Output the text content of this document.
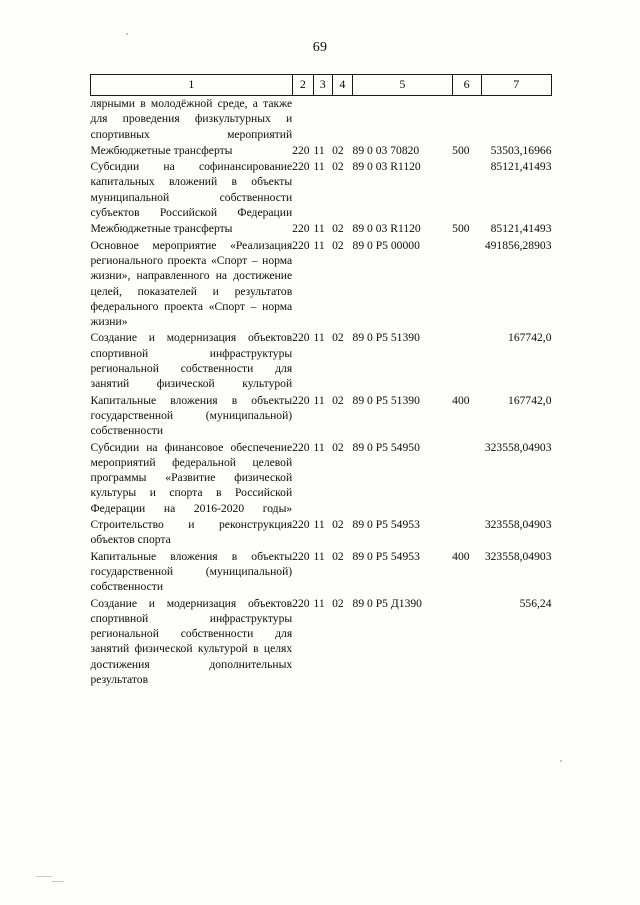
69
1	2	3	4	5	6	7
лярными в молодёжной среде, а также для проведения физкультурных и спортивных мероприятий						
Межбюджетные трансферты	220	11	02	89 0 03 70820	500	53503,16966
Субсидии на софинансирование капитальных вложений в объекты муниципальной собственности субъектов Российской Федерации	220	11	02	89 0 03 R1120		85121,41493
Межбюджетные трансферты	220	11	02	89 0 03 R1120	500	85121,41493
Основное мероприятие «Реализация регионального проекта «Спорт – норма жизни», направленного на достижение целей, показателей и результатов федерального проекта «Спорт – норма жизни»	220	11	02	89 0 P5 00000		491856,28903
Создание и модернизация объектов спортивной инфраструктуры региональной собственности для занятий физической культурой	220	11	02	89 0 P5 51390		167742,0
Капитальные вложения в объекты государственной (муниципальной) собственности	220	11	02	89 0 P5 51390	400	167742,0
Субсидии на финансовое обеспечение мероприятий федеральной целевой программы «Развитие физической культуры и спорта в Российской Федерации на 2016-2020 годы»	220	11	02	89 0 P5 54950		323558,04903
Строительство и реконструкция объектов спорта	220	11	02	89 0 P5 54953		323558,04903
Капитальные вложения в объекты государственной (муниципальной) собственности	220	11	02	89 0 P5 54953	400	323558,04903
Создание и модернизация объектов спортивной инфраструктуры региональной собственности для занятий физической культурой в целях достижения дополнительных результатов	220	11	02	89 0 P5 Д1390		556,24
